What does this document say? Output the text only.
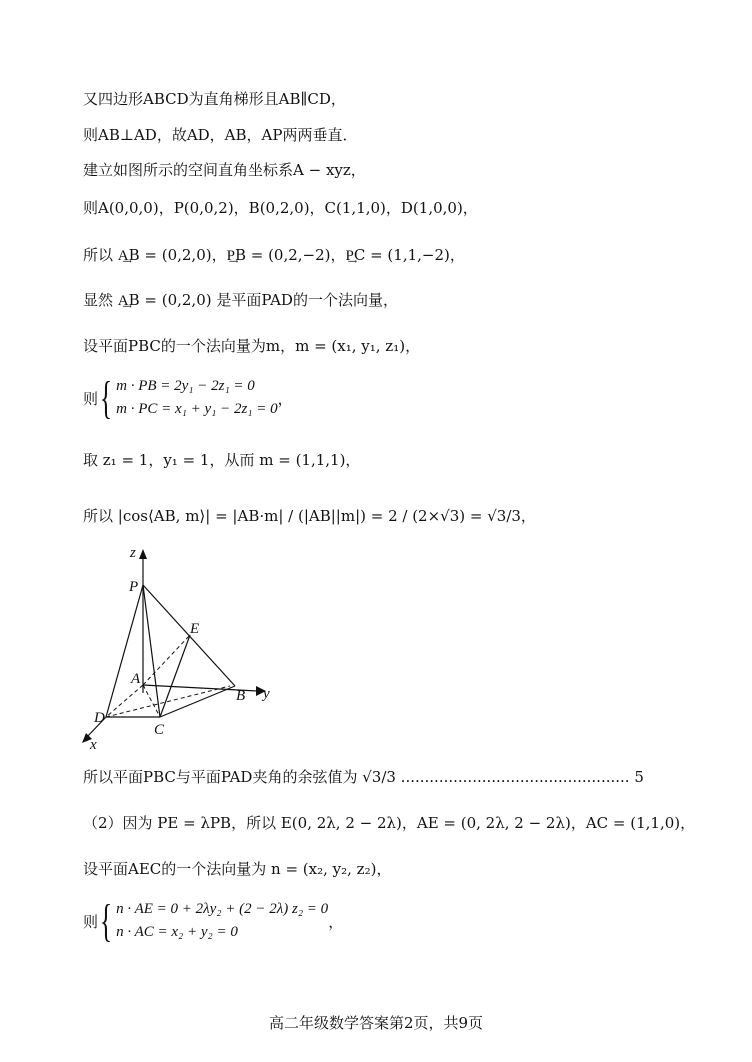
又四边形ABCD为直角梯形且AB∥CD，
则AB⊥AD，故AD，AB，AP两两垂直．
建立如图所示的空间直角坐标系A − xyz，
则A(0,0,0)，P(0,0,2)，B(0,2,0)，C(1,1,0)，D(1,0,0)，
所以 A͢B = (0,2,0)，P͢B = (0,2,−2)，P͢C = (1,1,−2)，
显然 A͢B = (0,2,0) 是平面PAD的一个法向量，
设平面PBC的一个法向量为m，m = (x₁, y₁, z₁)，
则 { m · PB = 2y₁ − 2z₁ = 0
m · PC = x₁ + y₁ − 2z₁ = 0
，
取 z₁ = 1，y₁ = 1，从而 m = (1,1,1)，
所以 |cos⟨AB, m⟩| = |AB·m| / (|AB||m|) = 2 / (2×√3) = √3/3，
z
P
E
A
B y
D
C
x
所以平面PBC与平面PAD夹角的余弦值为 √3/3 ................................................ 5
（2）因为 PE = λPB，所以 E(0, 2λ, 2 − 2λ)，AE = (0, 2λ, 2 − 2λ)，AC = (1,1,0)，
设平面AEC的一个法向量为 n = (x₂, y₂, z₂)，
则 { n · AE = 0 + 2λy₂ + (2 − 2λ) z₂ = 0
n · AC = x₂ + y₂ = 0
，
高二年级数学答案第2页，共9页
